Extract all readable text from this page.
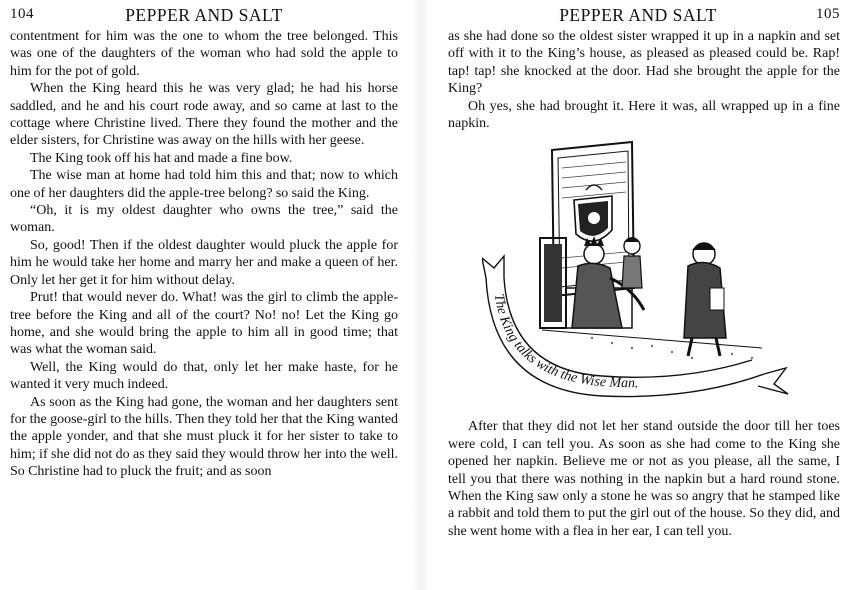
104	PEPPER AND SALT

contentment for him was the one to whom the tree belonged. This was one of the daughters of the woman who had sold the apple to him for the pot of gold.

When the King heard this he was very glad; he had his horse saddled, and he and his court rode away, and so came at last to the cottage where Christine lived. There they found the mother and the elder sisters, for Christine was away on the hills with her geese.

The King took off his hat and made a fine bow.

The wise man at home had told him this and that; now to which one of her daughters did the apple-tree belong? so said the King.

“Oh, it is my oldest daughter who owns the tree,” said the woman.

So, good! Then if the oldest daughter would pluck the apple for him he would take her home and marry her and make a queen of her. Only let her get it for him without delay.

Prut! that would never do. What! was the girl to climb the apple-tree before the King and all of the court? No! no! Let the King go home, and she would bring the apple to him all in good time; that was what the woman said.

Well, the King would do that, only let her make haste, for he wanted it very much indeed.

As soon as the King had gone, the woman and her daughters sent for the goose-girl to the hills. Then they told her that the King wanted the apple yonder, and that she must pluck it for her sister to take to him; if she did not do as they said they would throw her into the well. So Christine had to pluck the fruit; and as soon

PEPPER AND SALT	105

as she had done so the oldest sister wrapped it up in a napkin and set off with it to the King’s house, as pleased as pleased could be. Rap! tap! tap! she knocked at the door. Had she brought the apple for the King?

Oh yes, she had brought it. Here it was, all wrapped up in a fine napkin.

The King talks with the Wise Man.

After that they did not let her stand outside the door till her toes were cold, I can tell you. As soon as she had come to the King she opened her napkin. Believe me or not as you please, all the same, I tell you that there was nothing in the napkin but a hard round stone. When the King saw only a stone he was so angry that he stamped like a rabbit and told them to put the girl out of the house. So they did, and she went home with a flea in her ear, I can tell you.
